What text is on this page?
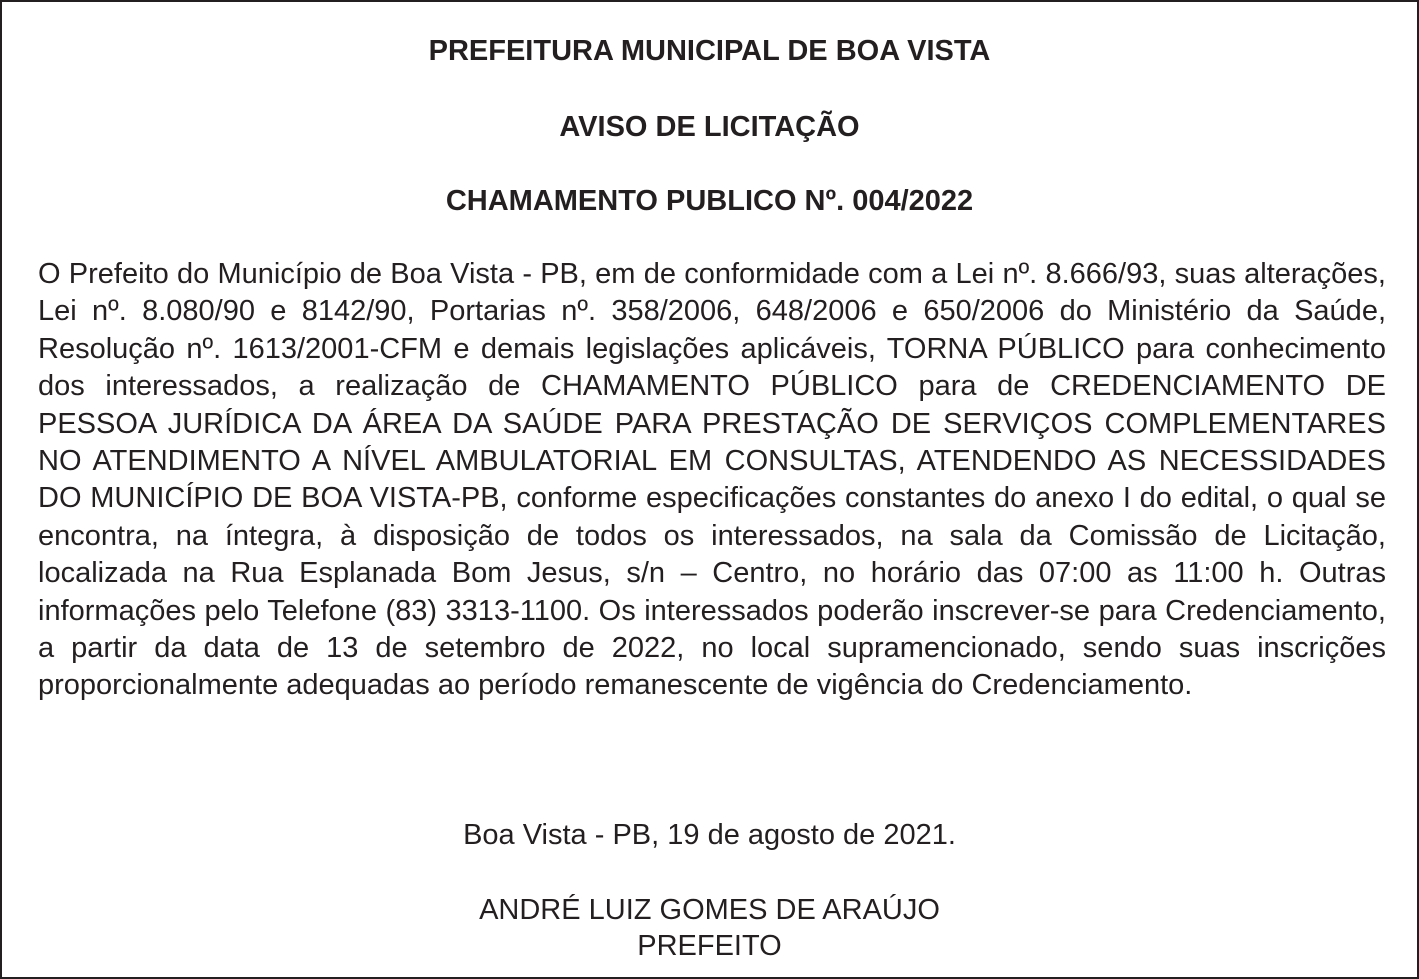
PREFEITURA MUNICIPAL DE BOA VISTA
AVISO DE LICITAÇÃO
CHAMAMENTO PUBLICO Nº. 004/2022

O Prefeito do Município de Boa Vista - PB, em de conformidade com a Lei nº. 8.666/93, suas alterações, Lei nº. 8.080/90 e 8142/90, Portarias nº. 358/2006, 648/2006 e 650/2006 do Ministério da Saúde, Resolução nº. 1613/2001-CFM e demais legislações aplicáveis, TORNA PÚBLICO para conhecimento dos interessados, a realização de CHAMAMENTO PÚBLICO para de CREDENCIAMENTO DE PESSOA JURÍDICA DA ÁREA DA SAÚDE PARA PRESTAÇÃO DE SERVIÇOS COMPLEMENTARES NO ATENDIMENTO A NÍVEL AMBULATORIAL EM CONSULTAS, ATENDENDO AS NECESSIDADES DO MUNICÍPIO DE BOA VISTA-PB, conforme especificações constantes do anexo I do edital, o qual se encontra, na íntegra, à disposição de todos os interessados, na sala da Comissão de Licitação, localizada na Rua Esplanada Bom Jesus, s/n – Centro, no horário das 07:00 as 11:00 h. Outras informações pelo Telefone (83) 3313-1100. Os interessados poderão inscrever-se para Credenciamento, a partir da data de 13 de setembro de 2022, no local supramencionado, sendo suas inscrições proporcionalmente adequadas ao período remanescente de vigência do Credenciamento.

Boa Vista - PB, 19 de agosto de 2021.
ANDRÉ LUIZ GOMES DE ARAÚJO
PREFEITO
